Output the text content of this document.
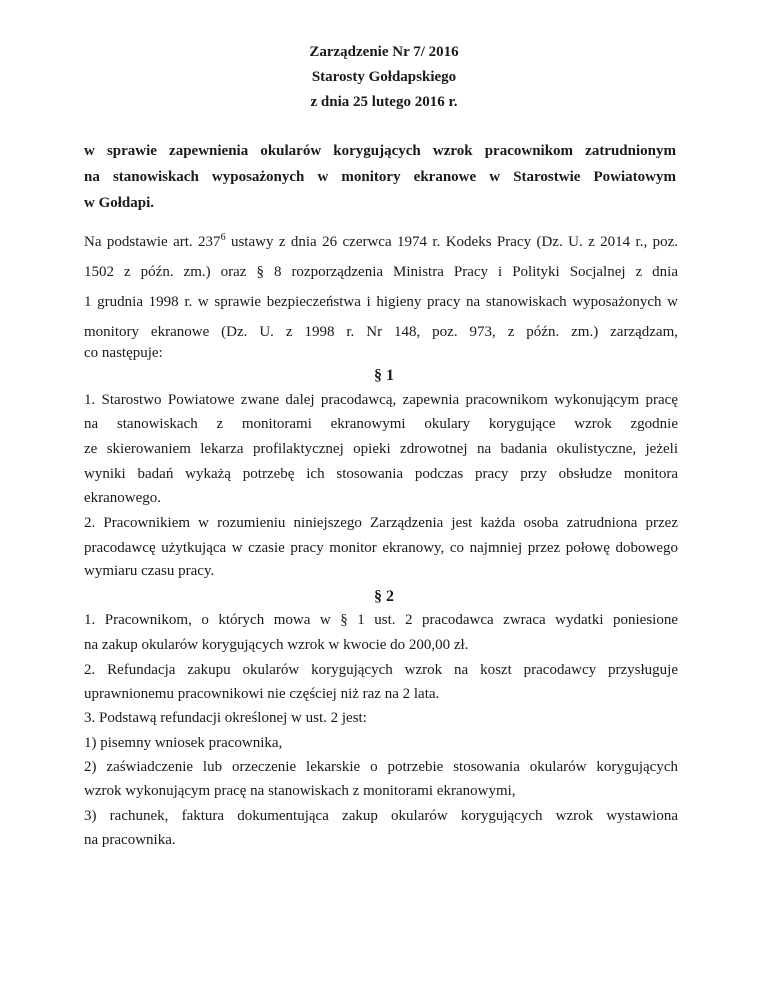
Zarządzenie Nr 7/ 2016
Starosty Gołdapskiego
z dnia 25 lutego 2016 r.
w sprawie zapewnienia okularów korygujących wzrok pracownikom zatrudnionym
na stanowiskach wyposażonych w monitory ekranowe w Starostwie Powiatowym
w Gołdapi.
Na podstawie art. $237^6$ ustawy z dnia 26 czerwca 1974 r. Kodeks Pracy (Dz. U. z 2014 r., poz.
1502 z późn. zm.) oraz § 8 rozporządzenia Ministra Pracy i Polityki Socjalnej z dnia
1 grudnia 1998 r. w sprawie bezpieczeństwa i higieny pracy na stanowiskach wyposażonych w
monitory ekranowe (Dz. U. z 1998 r. Nr 148, poz. 973, z późn. zm.) zarządzam,
co następuje:
§ 1
1. Starostwo Powiatowe zwane dalej pracodawcą, zapewnia pracownikom wykonującym pracę
na stanowiskach z monitorami ekranowymi okulary korygujące wzrok zgodnie
ze skierowaniem lekarza profilaktycznej opieki zdrowotnej na badania okulistyczne, jeżeli
wyniki badań wykażą potrzebę ich stosowania podczas pracy przy obsłudze monitora
ekranowego.
2. Pracownikiem w rozumieniu niniejszego Zarządzenia jest każda osoba zatrudniona przez
pracodawcę użytkująca w czasie pracy monitor ekranowy, co najmniej przez połowę dobowego
wymiaru czasu pracy.
§ 2
1. Pracownikom, o których mowa w § 1 ust. 2 pracodawca zwraca wydatki poniesione
na zakup okularów korygujących wzrok w kwocie do 200,00 zł.
2. Refundacja zakupu okularów korygujących wzrok na koszt pracodawcy przysługuje
uprawnionemu pracownikowi nie częściej niż raz na 2 lata.
3. Podstawą refundacji określonej w ust. 2 jest:
1) pisemny wniosek pracownika,
2) zaświadczenie lub orzeczenie lekarskie o potrzebie stosowania okularów korygujących
wzrok wykonującym pracę na stanowiskach z monitorami ekranowymi,
3) rachunek, faktura dokumentująca zakup okularów korygujących wzrok wystawiona
na pracownika.
